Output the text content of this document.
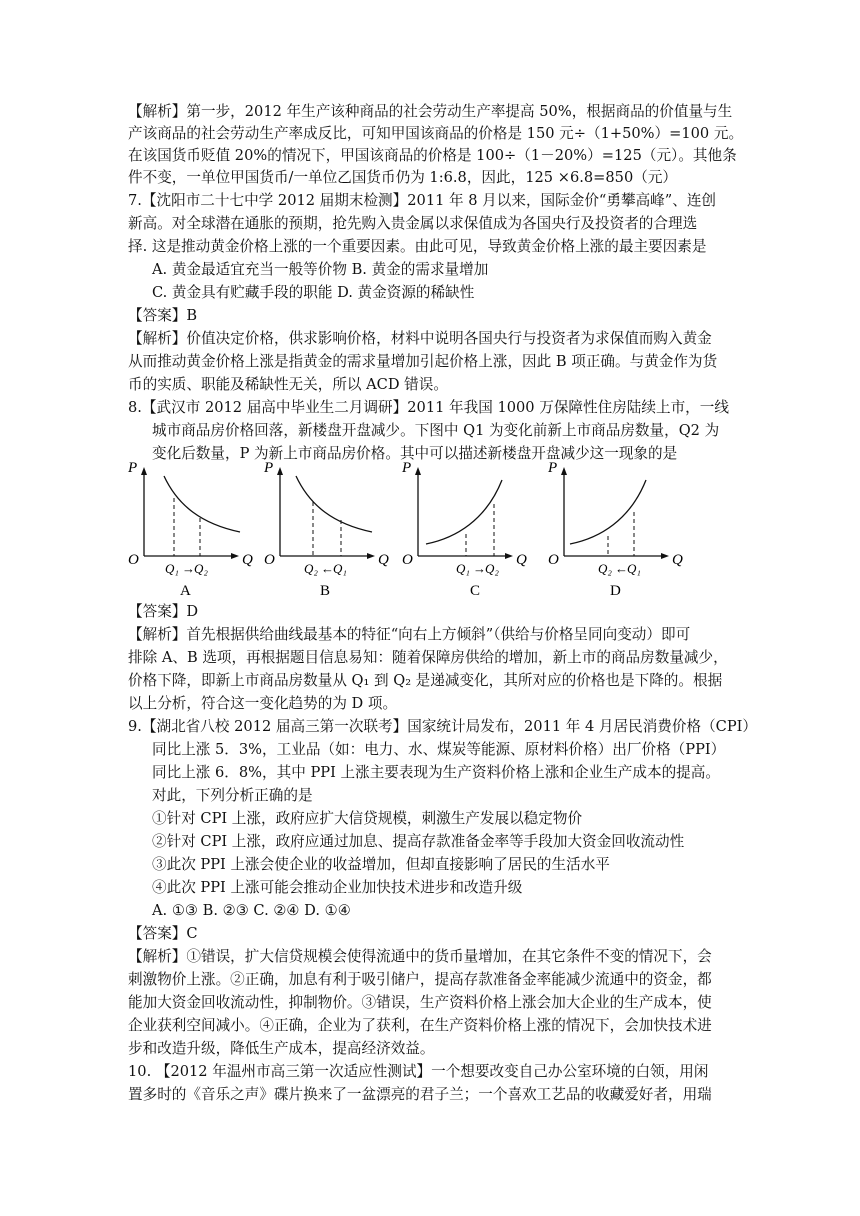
【解析】第一步，2012 年生产该种商品的社会劳动生产率提高 50%，根据商品的价值量与生
产该商品的社会劳动生产率成反比，可知甲国该商品的价格是 150 元÷（1+50%）=100 元。
在该国货币贬值 20%的情况下，甲国该商品的价格是 100÷（1－20%）=125（元）。其他条
件不变，一单位甲国货币/一单位乙国货币仍为 1:6.8，因此，125 ×6.8=850（元）
7.【沈阳市二十七中学 2012 届期末检测】2011 年 8 月以来，国际金价“勇攀高峰”、连创
新高。对全球潜在通胀的预期，抢先购入贵金属以求保值成为各国央行及投资者的合理选
择. 这是推动黄金价格上涨的一个重要因素。由此可见，导致黄金价格上涨的最主要因素是
A. 黄金最适宜充当一般等价物 B. 黄金的需求量增加
C. 黄金具有贮藏手段的职能 D. 黄金资源的稀缺性
【答案】B
【解析】价值决定价格，供求影响价格，材料中说明各国央行与投资者为求保值而购入黄金
从而推动黄金价格上涨是指黄金的需求量增加引起价格上涨，因此 B 项正确。与黄金作为货
币的实质、职能及稀缺性无关，所以 ACD 错误。
8.【武汉市 2012 届高中毕业生二月调研】2011 年我国 1000 万保障性住房陆续上市，一线
城市商品房价格回落，新楼盘开盘减少。下图中 Q1 为变化前新上市商品房数量，Q2 为
变化后数量，P 为新上市商品房价格。其中可以描述新楼盘开盘减少这一现象的是
P
O	Q
Q₁ → Q₂
A
P
O	Q
Q₂ ← Q₁
B
P
O	Q
Q₁ → Q₂
C
P
O	Q
Q₂ ← Q₁
D
【答案】D
【解析】首先根据供给曲线最基本的特征“向右上方倾斜”（供给与价格呈同向变动）即可
排除 A、B 选项，再根据题目信息易知：随着保障房供给的增加，新上市的商品房数量减少，
价格下降，即新上市商品房数量从 Q₁ 到 Q₂ 是递减变化，其所对应的价格也是下降的。根据
以上分析，符合这一变化趋势的为 D 项。
9.【湖北省八校 2012 届高三第一次联考】国家统计局发布，2011 年 4 月居民消费价格（CPI）
同比上涨 5．3%，工业品（如：电力、水、煤炭等能源、原材料价格）出厂价格（PPI）
同比上涨 6．8%，其中 PPI 上涨主要表现为生产资料价格上涨和企业生产成本的提高。
对此，下列分析正确的是
①针对 CPI 上涨，政府应扩大信贷规模，刺激生产发展以稳定物价
②针对 CPI 上涨，政府应通过加息、提高存款准备金率等手段加大资金回收流动性
③此次 PPI 上涨会使企业的收益增加，但却直接影响了居民的生活水平
④此次 PPI 上涨可能会推动企业加快技术进步和改造升级
A. ①③ B. ②③ C. ②④ D. ①④
【答案】C
【解析】①错误，扩大信贷规模会使得流通中的货币量增加，在其它条件不变的情况下，会
刺激物价上涨。②正确，加息有利于吸引储户，提高存款准备金率能减少流通中的资金，都
能加大资金回收流动性，抑制物价。③错误，生产资料价格上涨会加大企业的生产成本，使
企业获利空间减小。④正确，企业为了获利，在生产资料价格上涨的情况下，会加快技术进
步和改造升级，降低生产成本，提高经济效益。
10. 【2012 年温州市高三第一次适应性测试】一个想要改变自己办公室环境的白领，用闲
置多时的《音乐之声》碟片换来了一盆漂亮的君子兰；一个喜欢工艺品的收藏爱好者，用瑞
